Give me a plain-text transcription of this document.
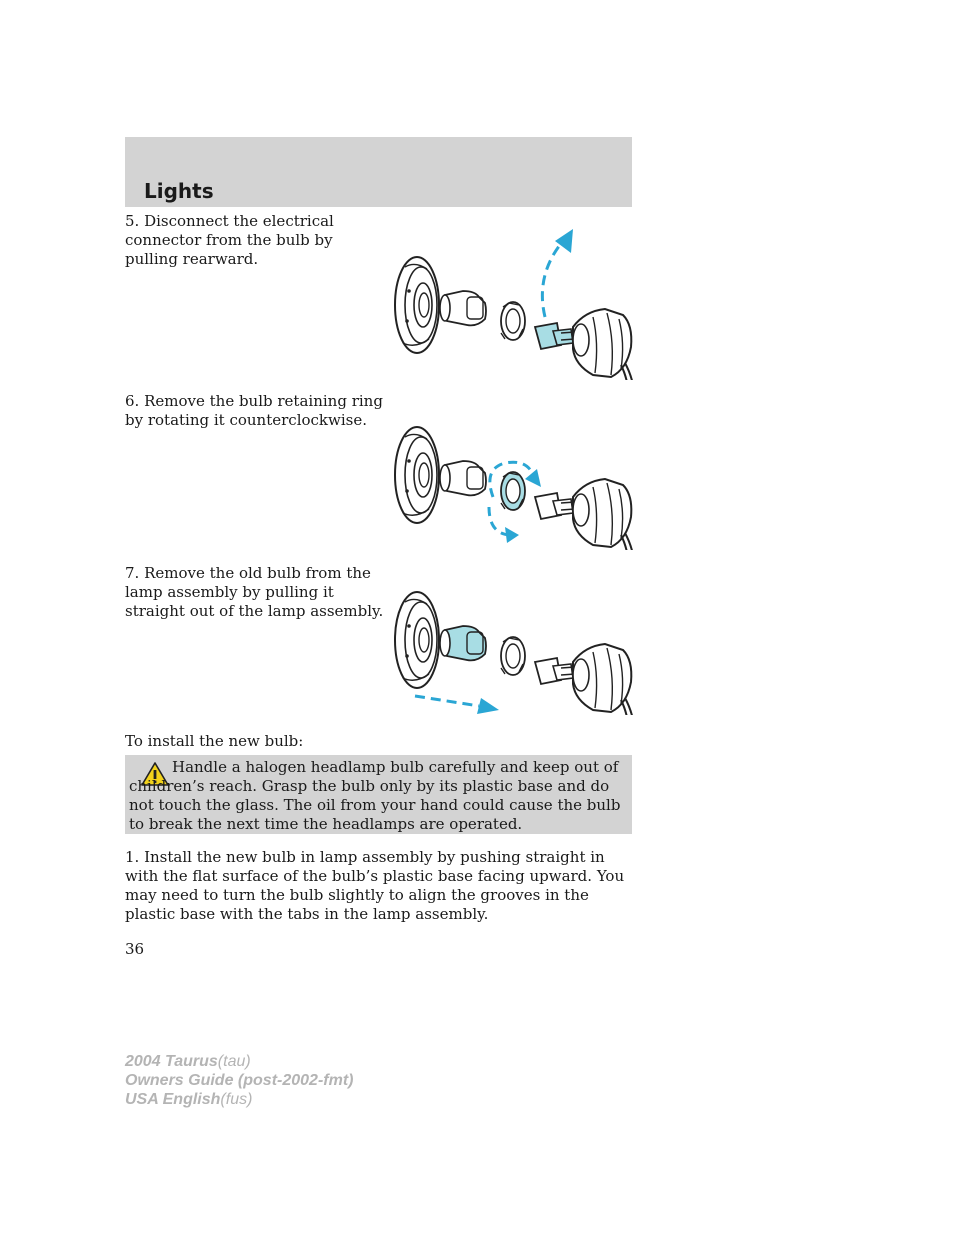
Lights
5. Disconnect the electrical connector from the bulb by pulling rearward.
6. Remove the bulb retaining ring by rotating it counterclockwise.
7. Remove the old bulb from the lamp assembly by pulling it straight out of the lamp assembly.
To install the new bulb:

Handle a halogen headlamp bulb carefully and keep out of children’s reach. Grasp the bulb only by its plastic base and do not touch the glass. The oil from your hand could cause the bulb to break the next time the headlamps are operated.

1. Install the new bulb in lamp assembly by pushing straight in with the flat surface of the bulb’s plastic base facing upward. You may need to turn the bulb slightly to align the grooves in the plastic base with the tabs in the lamp assembly.
36
2004 Taurus(tau)
Owners Guide (post-2002-fmt)
USA English(fus)
